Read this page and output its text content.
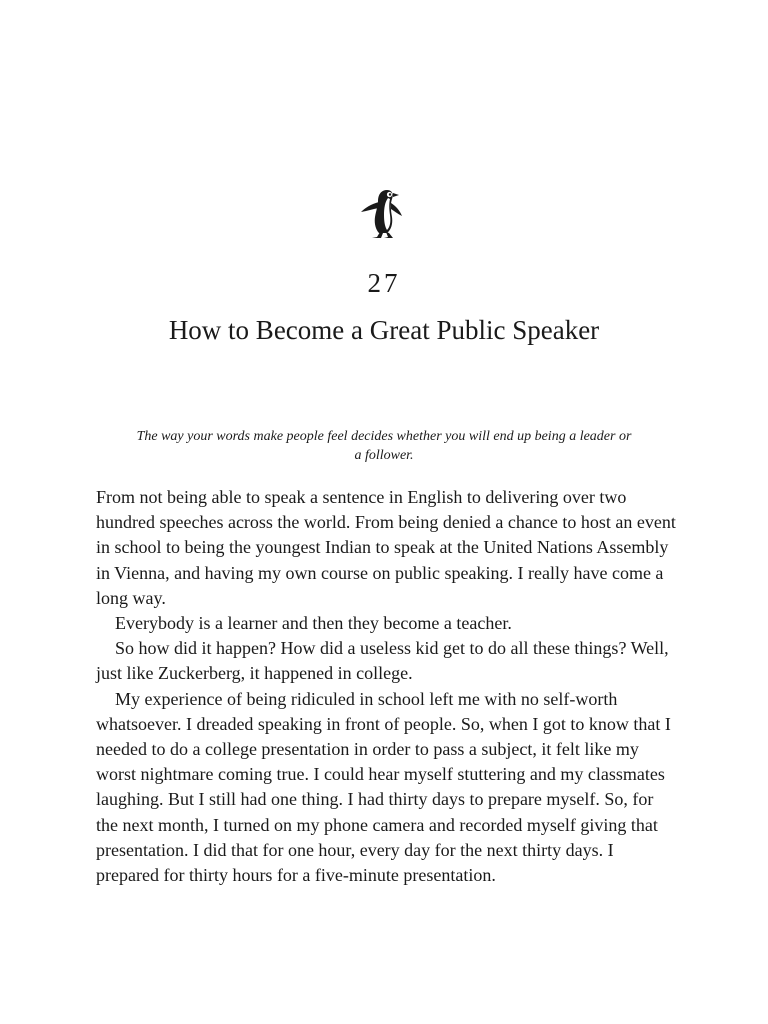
27
How to Become a Great Public Speaker
The way your words make people feel decides whether you will end up being a leader or
a follower.

From not being able to speak a sentence in English to delivering over two hundred speeches across the world. From being denied a chance to host an event in school to being the youngest Indian to speak at the United Nations Assembly in Vienna, and having my own course on public speaking. I really have come a long way.

Everybody is a learner and then they become a teacher.

So how did it happen? How did a useless kid get to do all these things? Well, just like Zuckerberg, it happened in college.

My experience of being ridiculed in school left me with no self-worth whatsoever. I dreaded speaking in front of people. So, when I got to know that I needed to do a college presentation in order to pass a subject, it felt like my worst nightmare coming true. I could hear myself stuttering and my classmates laughing. But I still had one thing. I had thirty days to prepare myself. So, for the next month, I turned on my phone camera and recorded myself giving that presentation. I did that for one hour, every day for the next thirty days. I prepared for thirty hours for a five-minute presentation.
